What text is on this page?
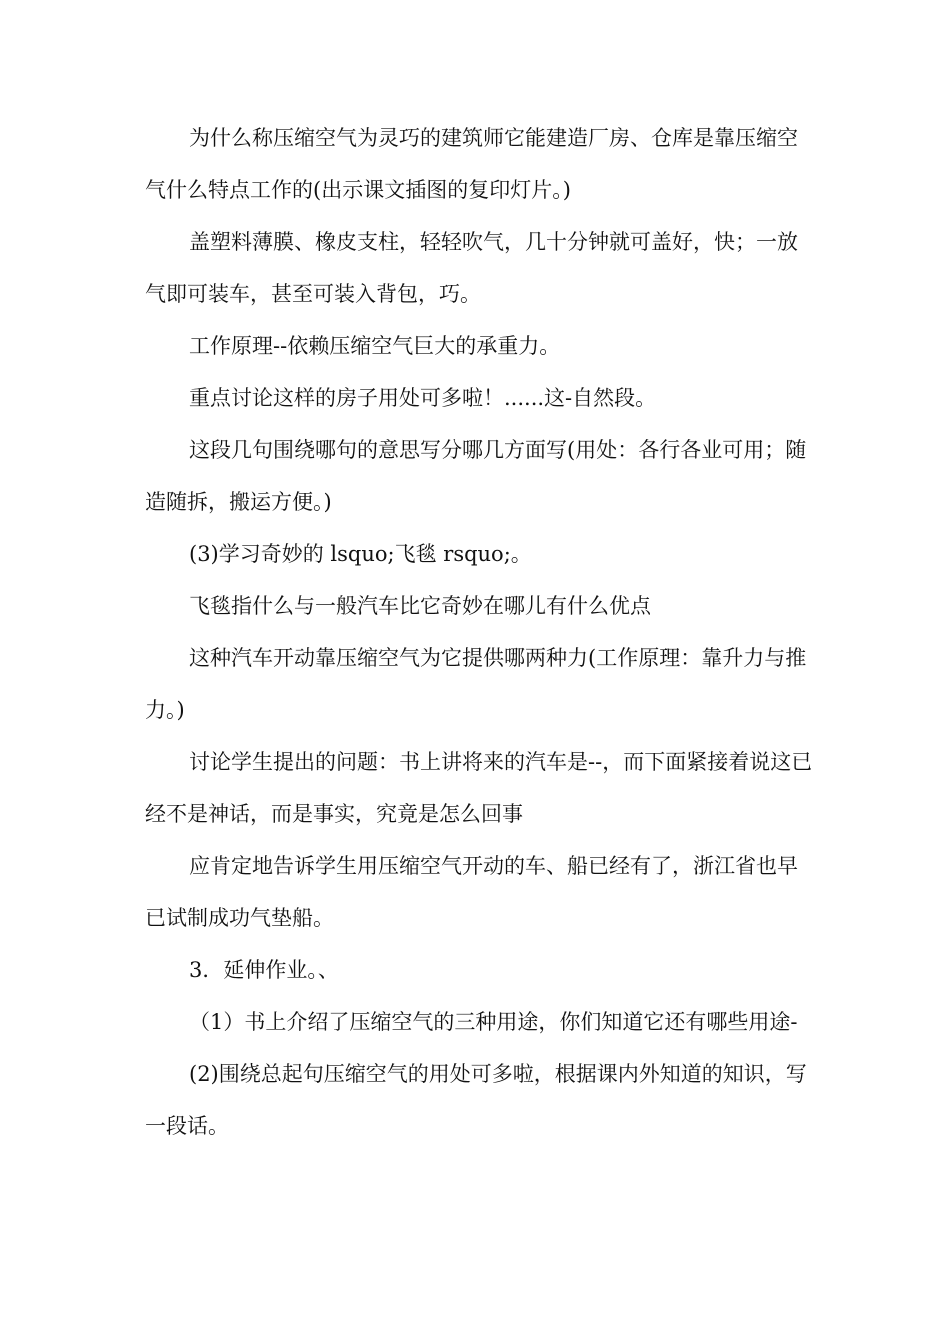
为什么称压缩空气为灵巧的建筑师它能建造厂房、仓库是靠压缩空气什么特点工作的(出示课文插图的复印灯片。)

盖塑料薄膜、橡皮支柱，轻轻吹气，几十分钟就可盖好，快；一放气即可装车，甚至可装入背包，巧。

工作原理--依赖压缩空气巨大的承重力。

重点讨论这样的房子用处可多啦！......这-自然段。

这段几句围绕哪句的意思写分哪几方面写(用处：各行各业可用；随造随拆，搬运方便。)

(3)学习奇妙的 lsquo;飞毯 rsquo;。

飞毯指什么与一般汽车比它奇妙在哪儿有什么优点

这种汽车开动靠压缩空气为它提供哪两种力(工作原理：靠升力与推力。)

讨论学生提出的问题：书上讲将来的汽车是--，而下面紧接着说这已经不是神话，而是事实，究竟是怎么回事

应肯定地告诉学生用压缩空气开动的车、船已经有了，浙江省也早已试制成功气垫船。

3．延伸作业。、

（1）书上介绍了压缩空气的三种用途，你们知道它还有哪些用途-

(2)围绕总起句压缩空气的用处可多啦，根据课内外知道的知识，写一段话。
